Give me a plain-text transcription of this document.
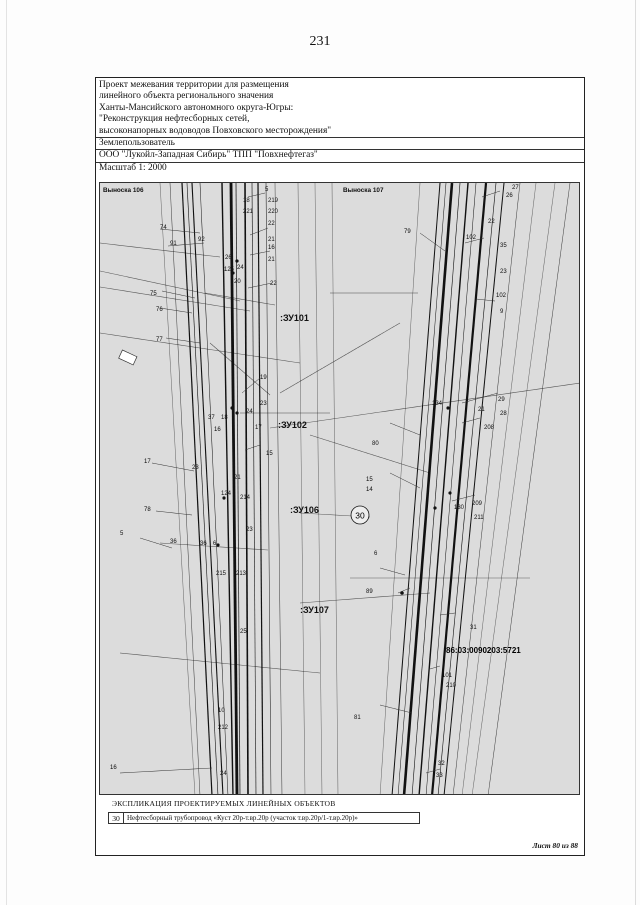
231
Проект межевания территории для размещения
линейного объекта регионального значения
Ханты-Мансийского автономного округа-Югры:
"Реконструкция нефтесборных сетей,
высоконапорных водоводов Повховского месторождения"
Землепользователь
ООО "Лукойл-Западная Сибирь" ТПП "Повхнефтегаз"
Масштаб 1: 2000
Выноска 106	Выноска 107
:ЗУ101
:ЗУ102
:ЗУ106
:ЗУ107
30
86:03:0090203:5721
5
219
18
221 220
74
22
91
92	21
26
16
125 24
21
20	22
75
76
77
19
23
24
37 18
17
16
15
17
23
21
124
214
78
5
23
36	36 6
215 213
25
10
212
16
24
27
26
79
22
102
35
23
102
9
134
29
21
28
208
80
15
14
209
130
211
6
89
31
101
210
81
32
33
ЭКСПЛИКАЦИЯ ПРОЕКТИРУЕМЫХ ЛИНЕЙНЫХ ОБЪЕКТОВ
30	Нефтесборный трубопровод «Куст 20р-т.вр.20р (участок т.вр.20р/1-т.вр.20р)»
Лист 80 из 88
